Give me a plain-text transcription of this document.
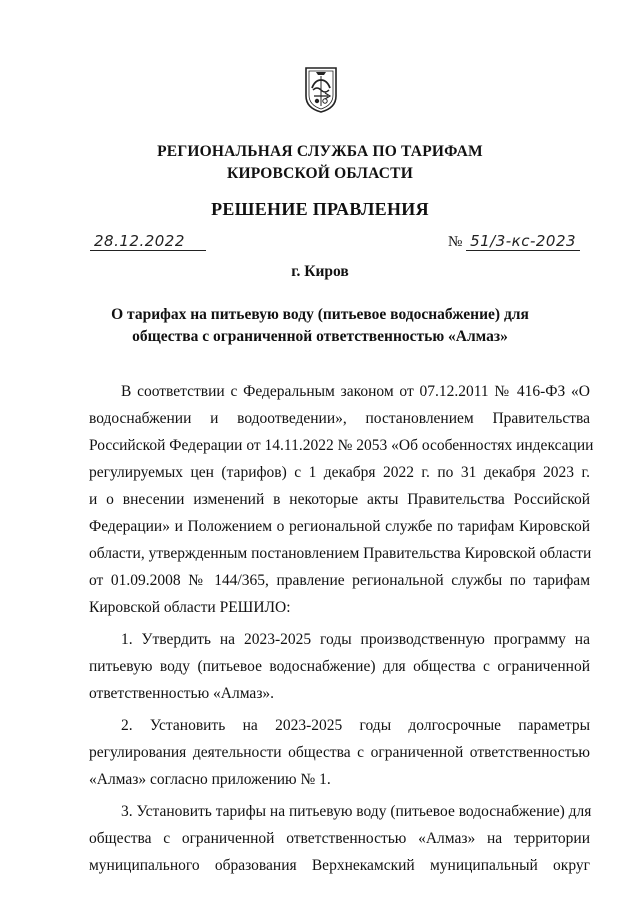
РЕГИОНАЛЬНАЯ СЛУЖБА ПО ТАРИФАМ
КИРОВСКОЙ ОБЛАСТИ
РЕШЕНИЕ ПРАВЛЕНИЯ
28.12.2022	№ 51/3-кс-2023
г. Киров
О тарифах на питьевую воду (питьевое водоснабжение) для
общества с ограниченной ответственностью «Алмаз»
В соответствии с Федеральным законом от 07.12.2011 № 416-ФЗ «О
водоснабжении и водоотведении», постановлением Правительства
Российской Федерации от 14.11.2022 № 2053 «Об особенностях индексации
регулируемых цен (тарифов) с 1 декабря 2022 г. по 31 декабря 2023 г.
и о внесении изменений в некоторые акты Правительства Российской
Федерации» и Положением о региональной службе по тарифам Кировской
области, утвержденным постановлением Правительства Кировской области
от 01.09.2008 № 144/365, правление региональной службы по тарифам
Кировской области РЕШИЛО:
1. Утвердить на 2023-2025 годы производственную программу на
питьевую воду (питьевое водоснабжение) для общества с ограниченной
ответственностью «Алмаз».
2. Установить на 2023-2025 годы долгосрочные параметры
регулирования деятельности общества с ограниченной ответственностью
«Алмаз» согласно приложению № 1.
3. Установить тарифы на питьевую воду (питьевое водоснабжение) для
общества с ограниченной ответственностью «Алмаз» на территории
муниципального образования Верхнекамский муниципальный округ
